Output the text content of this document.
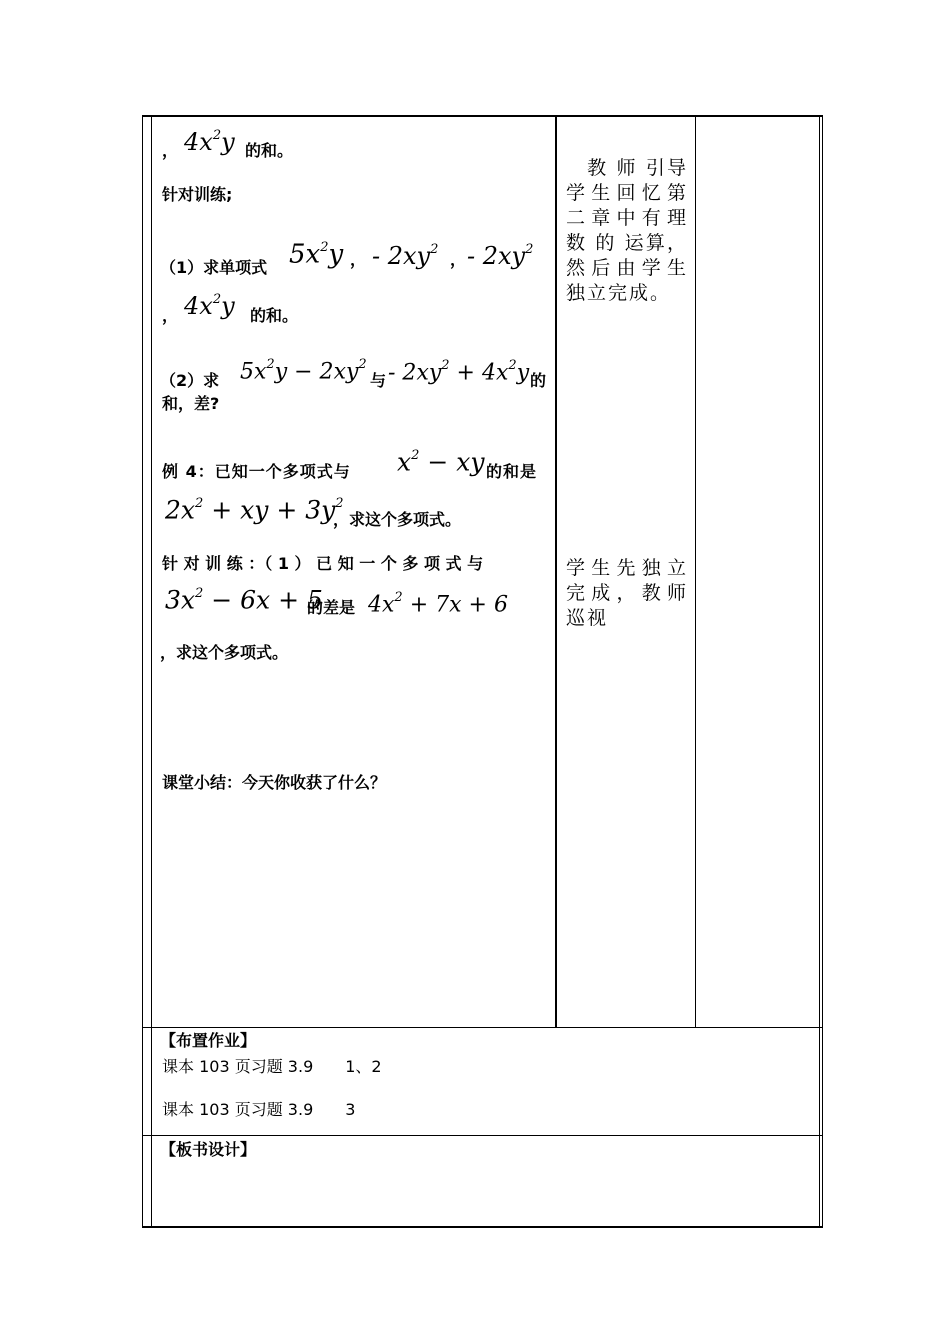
， $4x^2y$ 的和。
针对训练;
（1）求单项式 $5x^2y$ ， - $2xy^2$
， - $2xy^2$
， $4x^2y$ 的和。
（2）求 $5x^2y - 2xy^2$
与 - $2xy^2 + 4x^2y$ 的
和，差?
例 4：已知一个多项式与 $x^2$ − xy 的和是
$2x^2$ + xy + $3y^2$
，求这个多项式。
针 对 训 练 ：（ 1 ） 已 知 一 个 多 项 式 与
$3x^2 - 6x + 5$
的差是 $4x^2 + 7x + 6$
，求这个多项式。
课堂小结：今天你收获了什么？
　教 师 引导学生回忆第二章中有理 数 的 运算，然后由学生独立完成。
学生先独立完成，教师巡视
【布置作业】
课本 103 页习题 3.9　　1、2
课本 103 页习题 3.9　　3
【板书设计】
